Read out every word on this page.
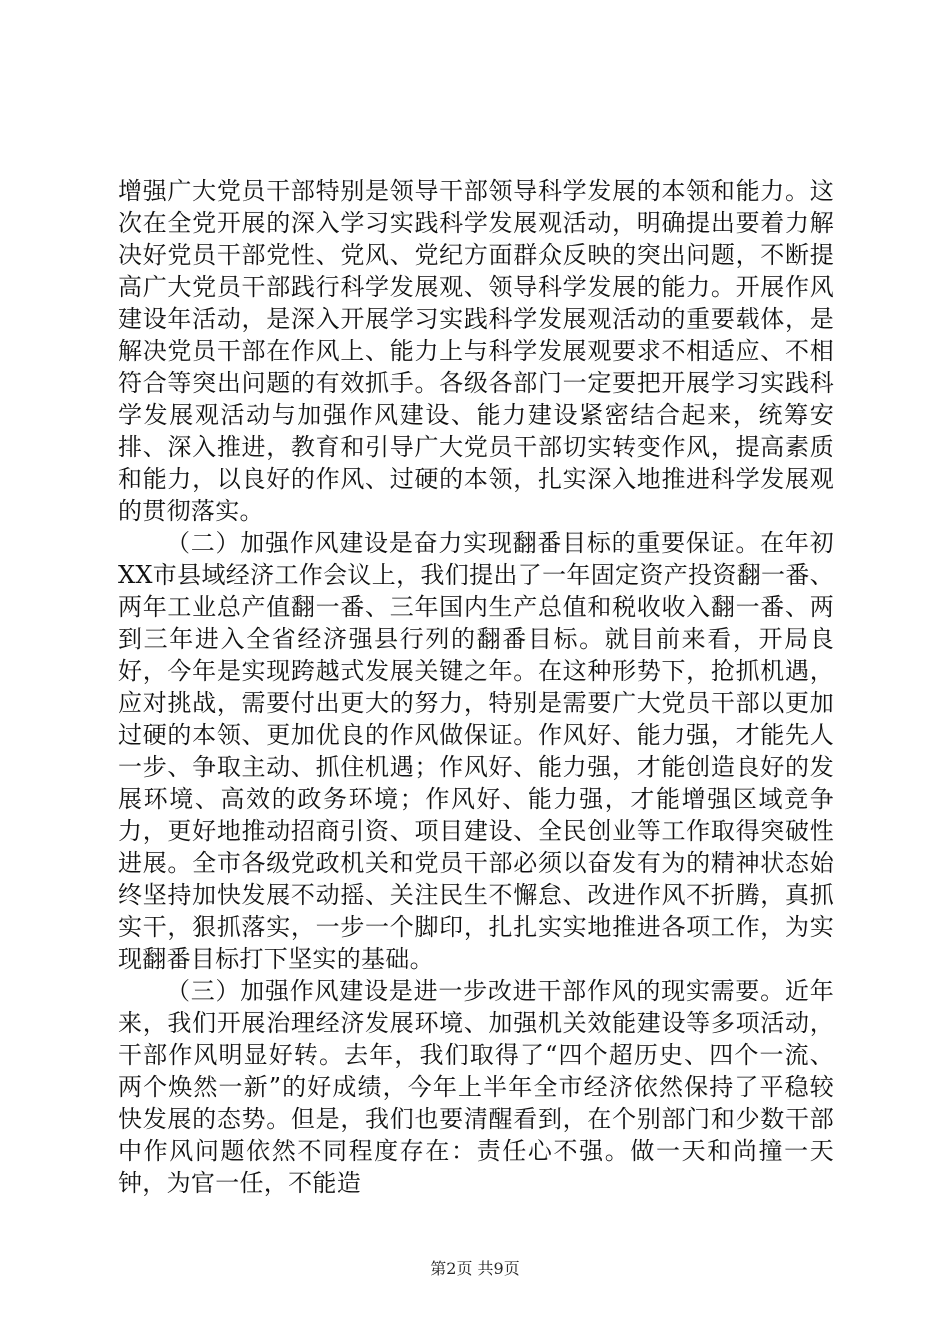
增强广大党员干部特别是领导干部领导科学发展的本领和能力。这次在全党开展的深入学习实践科学发展观活动，明确提出要着力解决好党员干部党性、党风、党纪方面群众反映的突出问题，不断提高广大党员干部践行科学发展观、领导科学发展的能力。开展作风建设年活动，是深入开展学习实践科学发展观活动的重要载体，是解决党员干部在作风上、能力上与科学发展观要求不相适应、不相符合等突出问题的有效抓手。各级各部门一定要把开展学习实践科学发展观活动与加强作风建设、能力建设紧密结合起来，统筹安排、深入推进，教育和引导广大党员干部切实转变作风，提高素质和能力，以良好的作风、过硬的本领，扎实深入地推进科学发展观的贯彻落实。

（二）加强作风建设是奋力实现翻番目标的重要保证。在年初XX市县域经济工作会议上，我们提出了一年固定资产投资翻一番、两年工业总产值翻一番、三年国内生产总值和税收收入翻一番、两到三年进入全省经济强县行列的翻番目标。就目前来看，开局良好，今年是实现跨越式发展关键之年。在这种形势下，抢抓机遇，应对挑战，需要付出更大的努力，特别是需要广大党员干部以更加过硬的本领、更加优良的作风做保证。作风好、能力强，才能先人一步、争取主动、抓住机遇；作风好、能力强，才能创造良好的发展环境、高效的政务环境；作风好、能力强，才能增强区域竞争力，更好地推动招商引资、项目建设、全民创业等工作取得突破性进展。全市各级党政机关和党员干部必须以奋发有为的精神状态始终坚持加快发展不动摇、关注民生不懈怠、改进作风不折腾，真抓实干，狠抓落实，一步一个脚印，扎扎实实地推进各项工作，为实现翻番目标打下坚实的基础。

（三）加强作风建设是进一步改进干部作风的现实需要。近年来，我们开展治理经济发展环境、加强机关效能建设等多项活动，干部作风明显好转。去年，我们取得了“四个超历史、四个一流、两个焕然一新”的好成绩，今年上半年全市经济依然保持了平稳较快发展的态势。但是，我们也要清醒看到，在个别部门和少数干部中作风问题依然不同程度存在：责任心不强。做一天和尚撞一天钟，为官一任，不能造

第2页 共9页
